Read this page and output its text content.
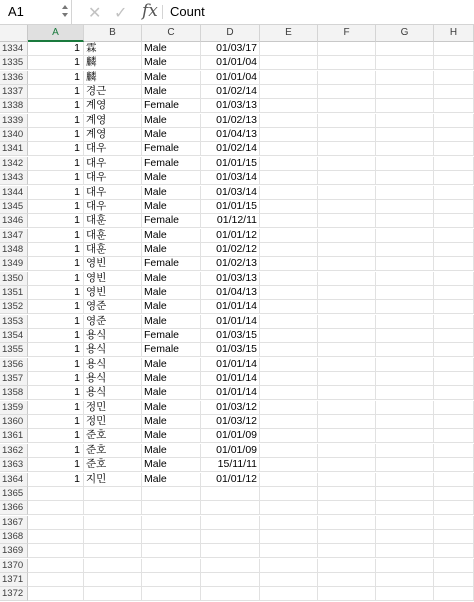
A1	✕ ✓ fx Count
A	B	C	D	E	F	G	H
1334	1 霖	Male	01/03/17
1335	1 麟	Male	01/01/04
1336	1 麟	Male	01/01/04
1337	1 경근	Male	01/02/14
1338	1 계영	Female	01/03/13
1339	1 계영	Male	01/02/13
1340	1 계영	Male	01/04/13
1341	1 대우	Female	01/02/14
1342	1 대우	Female	01/01/15
1343	1 대우	Male	01/03/14
1344	1 대우	Male	01/03/14
1345	1 대우	Male	01/01/15
1346	1 대훈	Female	01/12/11
1347	1 대훈	Male	01/01/12
1348	1 대훈	Male	01/02/12
1349	1 영빈	Female	01/02/13
1350	1 영빈	Male	01/03/13
1351	1 영빈	Male	01/04/13
1352	1 영준	Male	01/01/14
1353	1 영준	Male	01/01/14
1354	1 용식	Female	01/03/15
1355	1 용식	Female	01/03/15
1356	1 용식	Male	01/01/14
1357	1 용식	Male	01/01/14
1358	1 용식	Male	01/01/14
1359	1 정민	Male	01/03/12
1360	1 정민	Male	01/03/12
1361	1 준호	Male	01/01/09
1362	1 준호	Male	01/01/09
1363	1 준호	Male	15/11/11
1364	1 지민	Male	01/01/12
1365
1366
1367
1368
1369
1370
1371
1372
